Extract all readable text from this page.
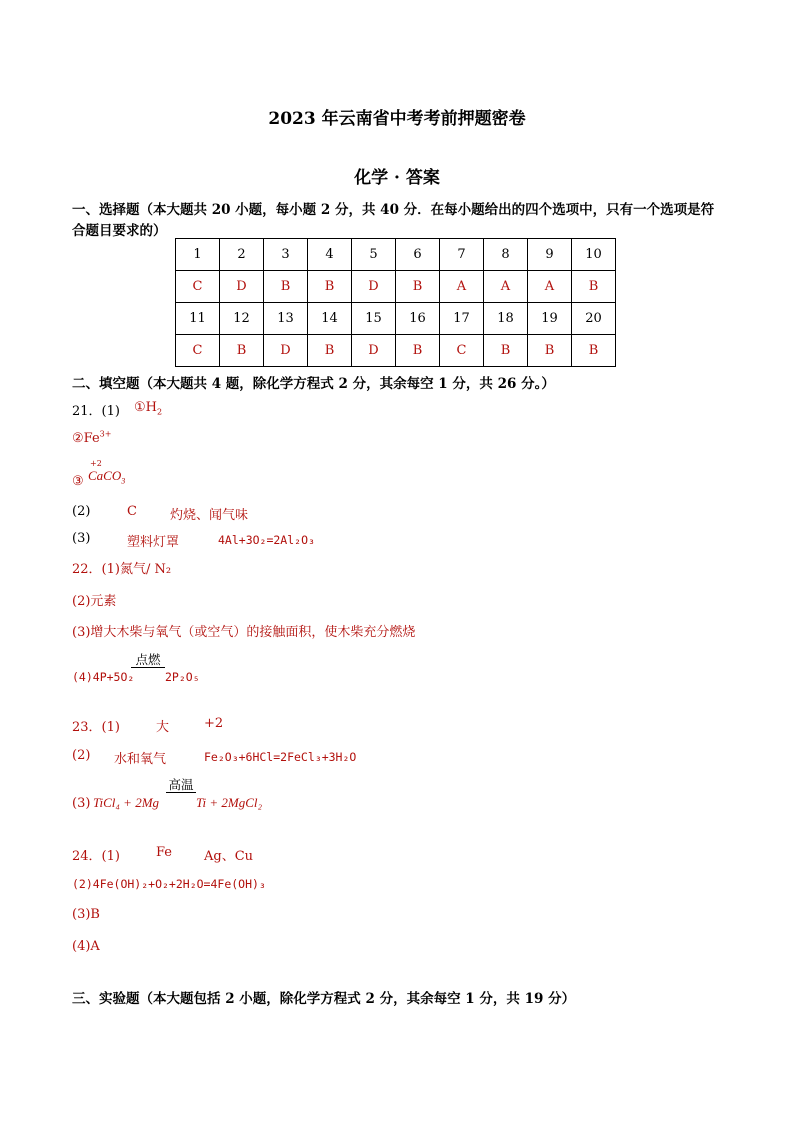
2023 年云南省中考考前押题密卷
化学 · 答案
一、选择题（本大题共 20 小题，每小题 2 分，共 40 分．在每小题给出的四个选项中，只有一个选项是符
合题目要求的）
1	2	3	4	5	6	7	8	9	10
C	D	B	B	D	B	A	A	A	B
11	12	13	14	15	16	17	18	19	20
C	B	D	B	D	B	C	B	B	B
二、填空题（本大题共 4 题，除化学方程式 2 分，其余每空 1 分，共 26 分。）
21．(1) $①H_2$
$②Fe^{3+}$
③
+2
CaCO$_3$
(2)	C	灼烧、闻气味
(3)	塑料灯罩	4Al+3O₂=2Al₂O₃
22．(1)氮气/ N₂
(2)元素
(3)增大木柴与氧气（或空气）的接触面积，使木柴充分燃烧
(4)4P+5O₂
点燃
2P₂O₅
23．(1)	大	+2
(2) 水和氧气	Fe₂O₃+6HCl=2FeCl₃+3H₂O
(3) TiCl₄ + 2Mg
高温
Ti + 2MgCl₂
24．(1)	Fe Ag、Cu
(2)4Fe(OH)₂+O₂+2H₂O=4Fe(OH)₃
(3)B
(4)A
三、实验题（本大题包括 2 小题，除化学方程式 2 分，其余每空 1 分，共 19 分）
